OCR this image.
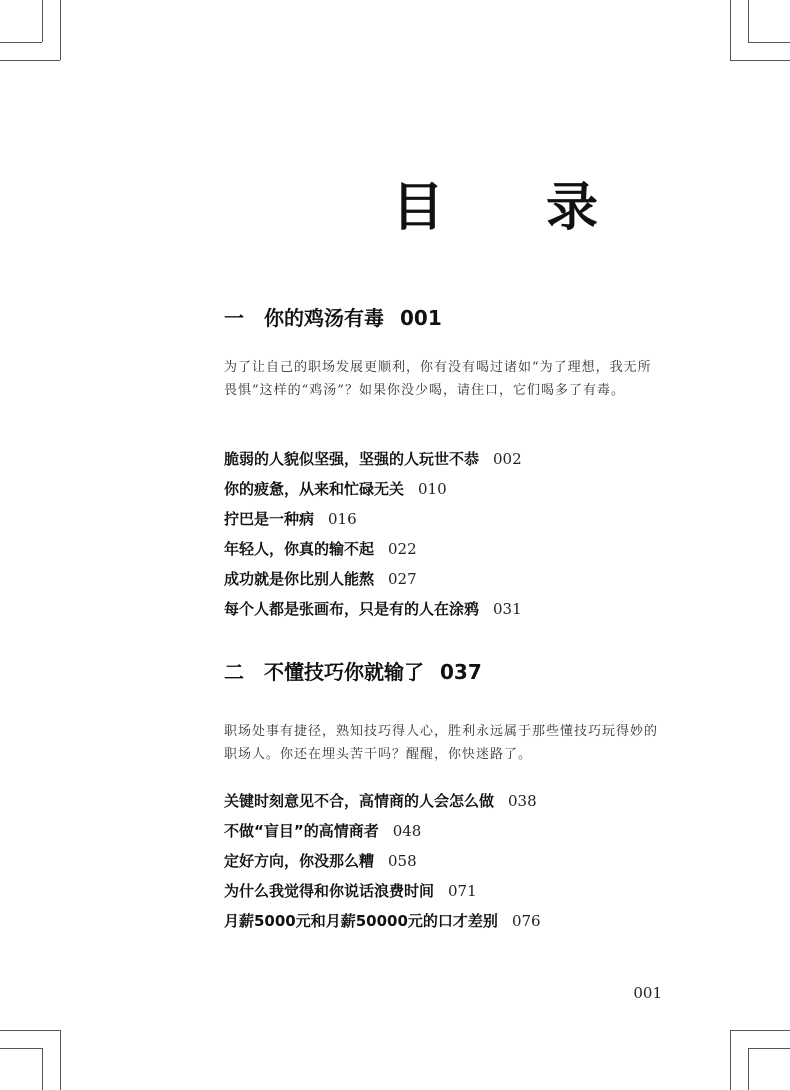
目 录
一 你的鸡汤有毒 001
为了让自己的职场发展更顺利，你有没有喝过诸如“为了理想，我无所畏惧”这样的“鸡汤”？如果你没少喝，请住口，它们喝多了有毒。
脆弱的人貌似坚强，坚强的人玩世不恭 002
你的疲惫，从来和忙碌无关 010
拧巴是一种病 016
年轻人，你真的输不起 022
成功就是你比别人能熬 027
每个人都是张画布，只是有的人在涂鸦 031
二 不懂技巧你就输了 037
职场处事有捷径，熟知技巧得人心，胜利永远属于那些懂技巧玩得妙的职场人。你还在埋头苦干吗？醒醒，你快迷路了。
关键时刻意见不合，高情商的人会怎么做 038
不做“盲目”的高情商者 048
定好方向，你没那么糟 058
为什么我觉得和你说话浪费时间 071
月薪5000元和月薪50000元的口才差别 076
001
